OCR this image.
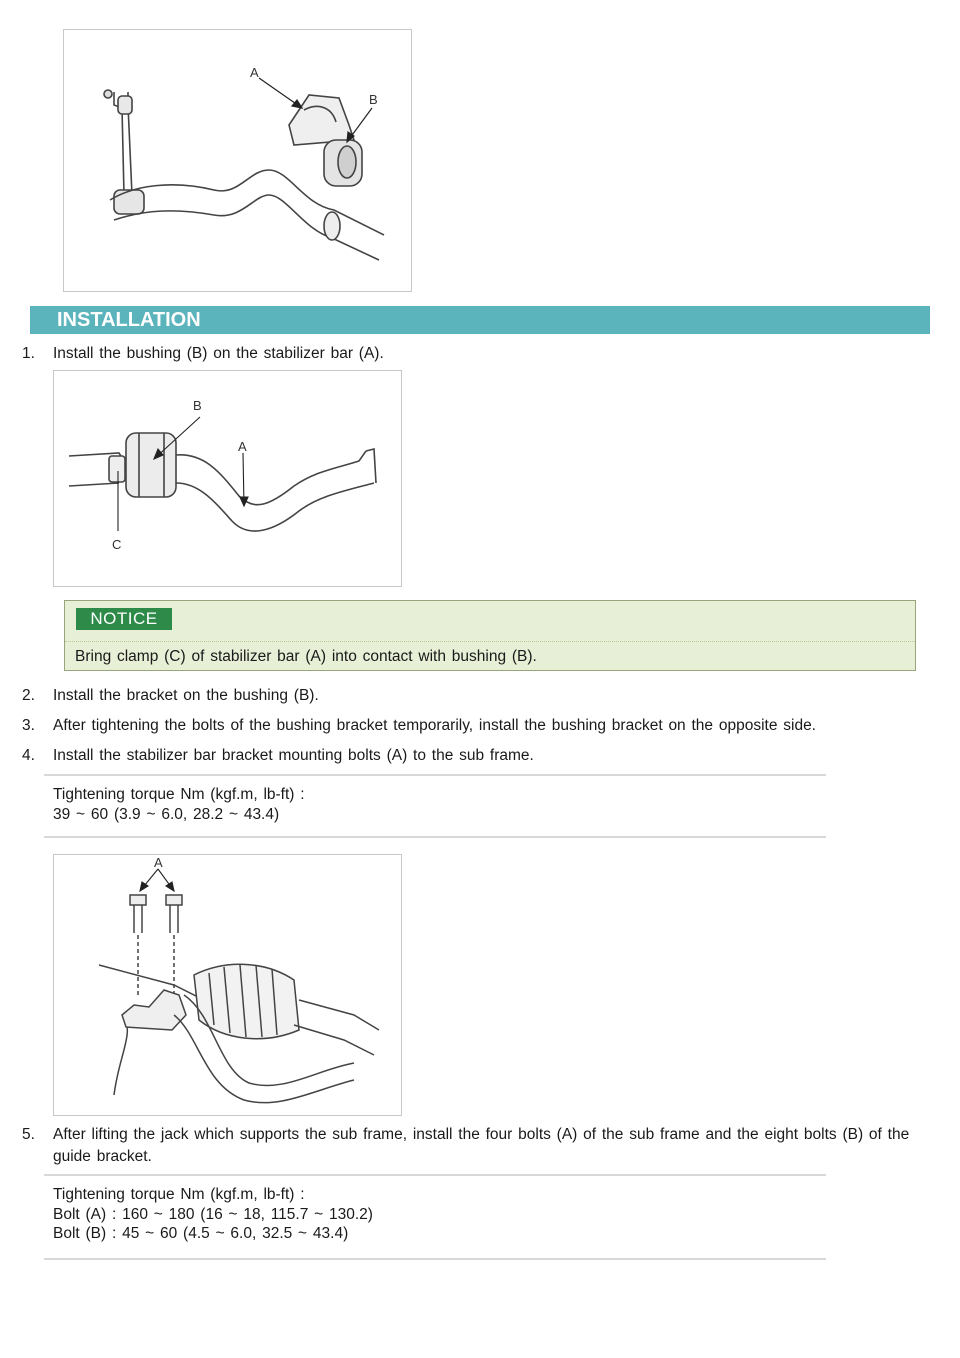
A
B
INSTALLATION
1.	Install the bushing (B) on the stabilizer bar (A).
B
A
C
NOTICE
Bring clamp (C) of stabilizer bar (A) into contact with bushing (B).
2.	Install the bracket on the bushing (B).
3.	After tightening the bolts of the bushing bracket temporarily, install the bushing bracket on the opposite side.
4.	Install the stabilizer bar bracket mounting bolts (A) to the sub frame.
Tightening torque Nm (kgf.m, lb-ft) :
39 ~ 60 (3.9 ~ 6.0, 28.2 ~ 43.4)
A
5.	After lifting the jack which supports the sub frame, install the four bolts (A) of the sub frame and the eight bolts (B) of the guide bracket.
Tightening torque Nm (kgf.m, lb-ft) :
Bolt (A) : 160 ~ 180 (16 ~ 18, 115.7 ~ 130.2)
Bolt (B) : 45 ~ 60 (4.5 ~ 6.0, 32.5 ~ 43.4)
